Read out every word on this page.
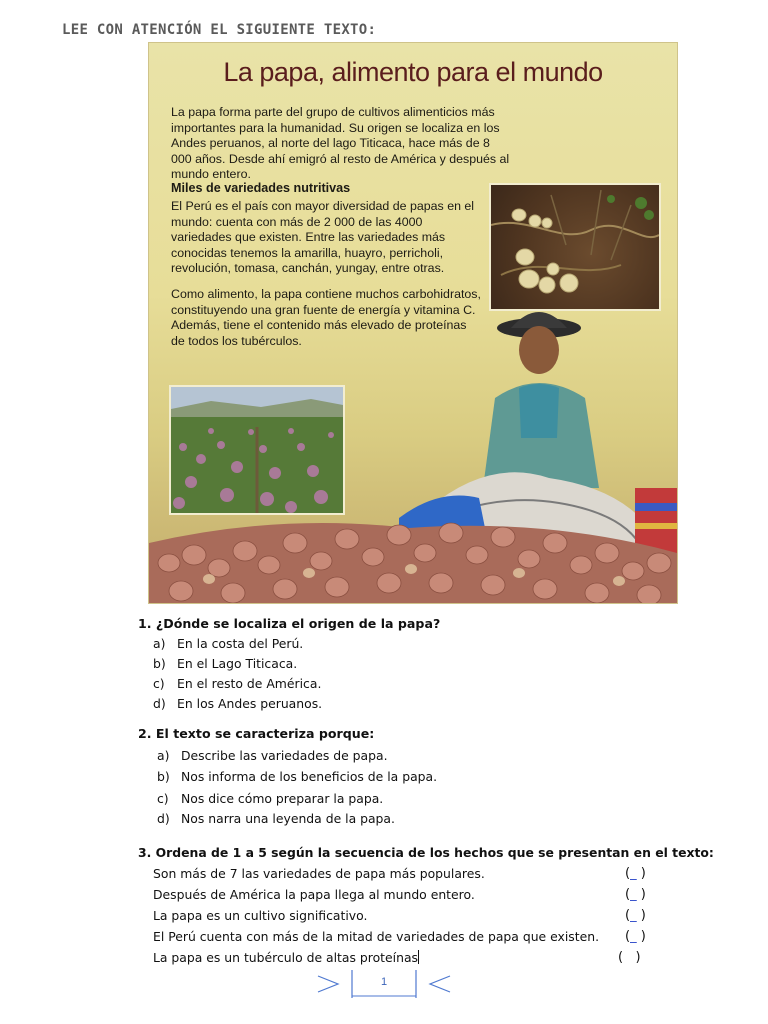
LEE CON ATENCIÓN EL SIGUIENTE TEXTO:
La papa, alimento para el mundo
La papa forma parte del grupo de cultivos alimenticios más importantes para la humanidad. Su origen se localiza en los Andes peruanos, al norte del lago Titicaca, hace más de 8 000 años. Desde ahí emigró al resto de América y después al mundo entero.
Miles de variedades nutritivas
El Perú es el país con mayor diversidad de papas en el mundo: cuenta con más de 2 000 de las 4000 variedades que existen. Entre las variedades más conocidas tenemos la amarilla, huayro, perricholi, revolución, tomasa, canchán, yungay, entre otras.
Como alimento, la papa contiene muchos carbohidratos, constituyendo una gran fuente de energía y vitamina C. Además, tiene el contenido más elevado de proteínas de todos los tubérculos.
1. ¿Dónde se localiza el origen de la papa?
a) En la costa del Perú.
b) En el Lago Titicaca.
c) En el resto de América.
d) En los Andes peruanos.
2. El texto se caracteriza porque:
a) Describe las variedades de papa.
b) Nos informa de los beneficios de la papa.
c) Nos dice cómo preparar la papa.
d) Nos narra una leyenda de la papa.
3. Ordena de 1 a 5 según la secuencia de los hechos que se presentan en el texto:
Son más de 7 las variedades de papa más populares.	(_ )
Después de América la papa llega al mundo entero.	(_ )
La papa es un cultivo significativo.	(_ )
El Perú cuenta con más de la mitad de variedades de papa que existen. (_ )
La papa es un tubérculo de altas proteínas	( )
1
